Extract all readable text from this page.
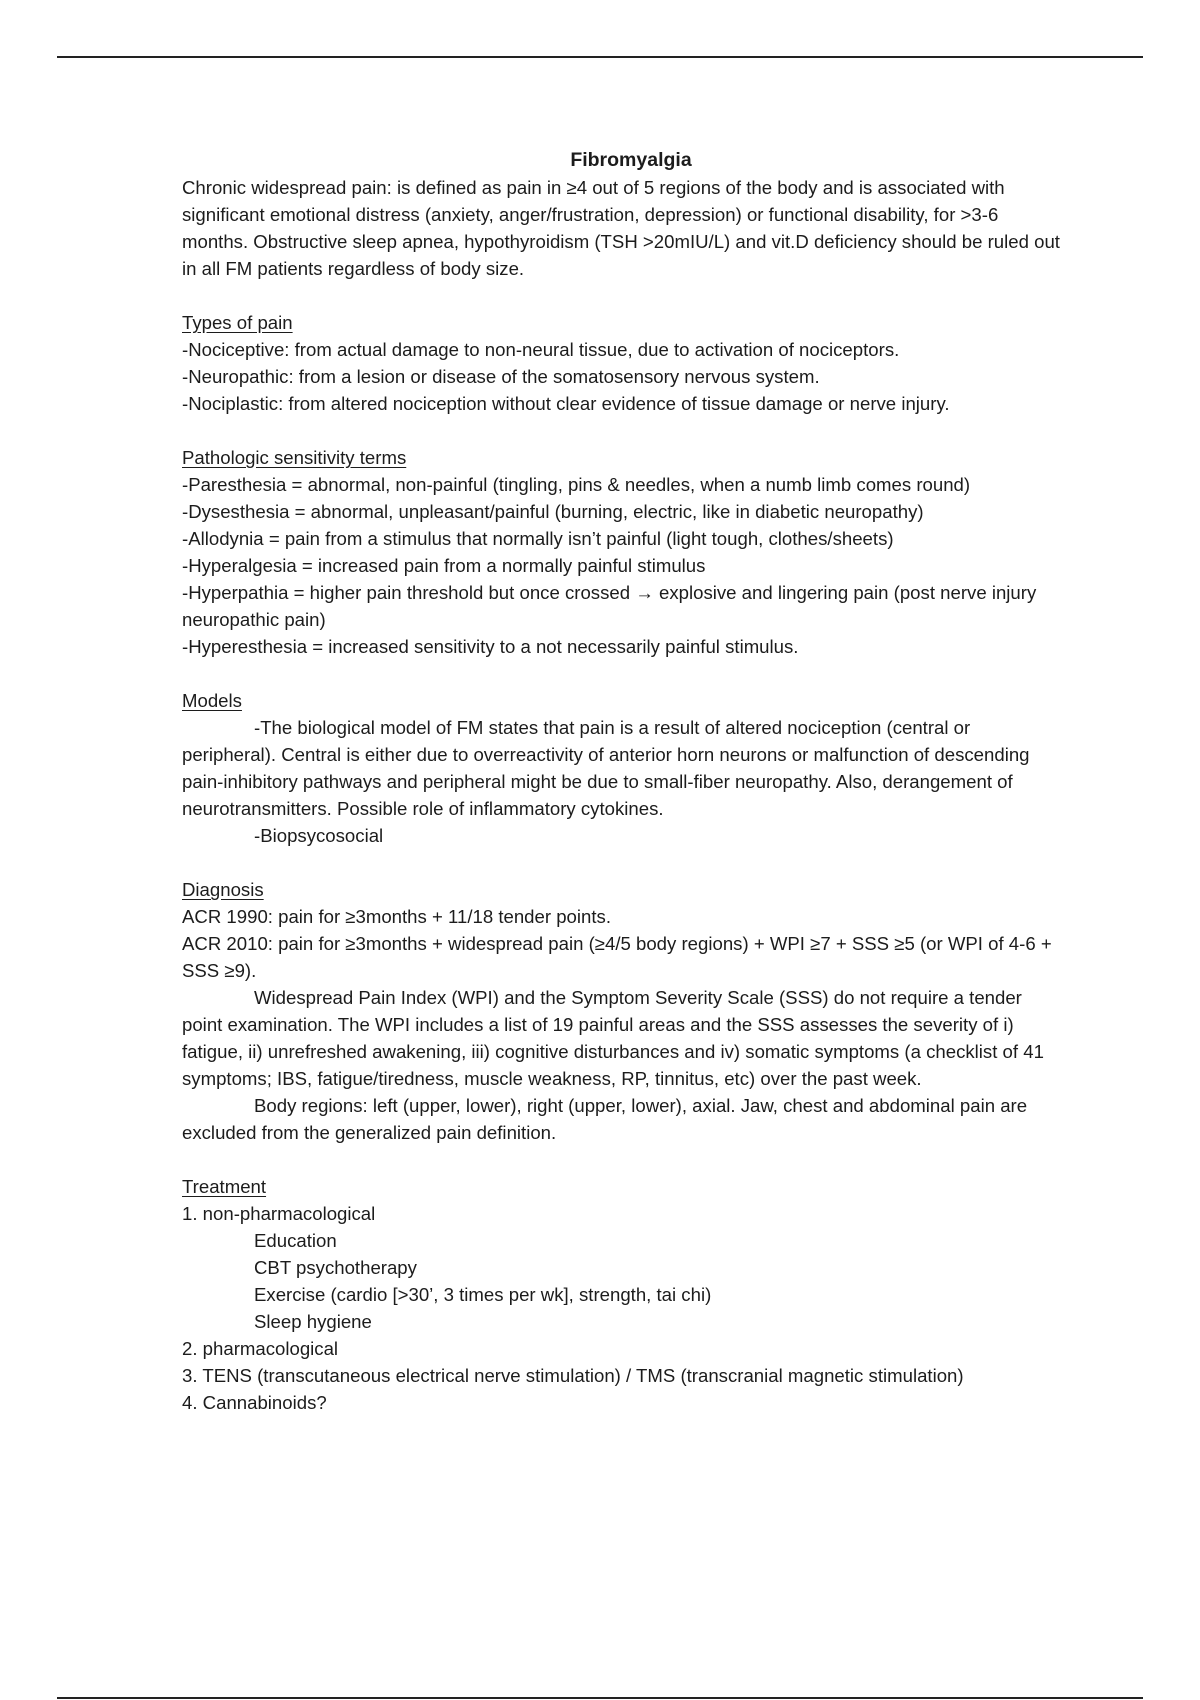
Fibromyalgia

Chronic widespread pain: is defined as pain in ≥4 out of 5 regions of the body and is associated with significant emotional distress (anxiety, anger/frustration, depression) or functional disability, for >3-6 months. Obstructive sleep apnea, hypothyroidism (TSH >20mIU/L) and vit.D deficiency should be ruled out in all FM patients regardless of body size.

Types of pain

-Nociceptive: from actual damage to non-neural tissue, due to activation of nociceptors.

-Neuropathic: from a lesion or disease of the somatosensory nervous system.

-Nociplastic: from altered nociception without clear evidence of tissue damage or nerve injury.

Pathologic sensitivity terms

-Paresthesia = abnormal, non-painful (tingling, pins & needles, when a numb limb comes round)

-Dysesthesia = abnormal, unpleasant/painful (burning, electric, like in diabetic neuropathy)

-Allodynia = pain from a stimulus that normally isn’t painful (light tough, clothes/sheets)

-Hyperalgesia = increased pain from a normally painful stimulus

-Hyperpathia = higher pain threshold but once crossed → explosive and lingering pain (post nerve injury neuropathic pain)

-Hyperesthesia = increased sensitivity to a not necessarily painful stimulus.

Models

-The biological model of FM states that pain is a result of altered nociception (central or peripheral). Central is either due to overreactivity of anterior horn neurons or malfunction of descending pain-inhibitory pathways and peripheral might be due to small-fiber neuropathy. Also, derangement of neurotransmitters. Possible role of inflammatory cytokines.

-Biopsycosocial

Diagnosis

ACR 1990: pain for ≥3months + 11/18 tender points.

ACR 2010: pain for ≥3months + widespread pain (≥4/5 body regions) + WPI ≥7 + SSS ≥5 (or WPI of 4-6 + SSS ≥9).

Widespread Pain Index (WPI) and the Symptom Severity Scale (SSS) do not require a tender point examination. The WPI includes a list of 19 painful areas and the SSS assesses the severity of i) fatigue, ii) unrefreshed awakening, iii) cognitive disturbances and iv) somatic symptoms (a checklist of 41 symptoms; IBS, fatigue/tiredness, muscle weakness, RP, tinnitus, etc) over the past week.

Body regions: left (upper, lower), right (upper, lower), axial. Jaw, chest and abdominal pain are excluded from the generalized pain definition.

Treatment

1. non-pharmacological

Education

CBT psychotherapy

Exercise (cardio [>30’, 3 times per wk], strength, tai chi)

Sleep hygiene

2. pharmacological

3. TENS (transcutaneous electrical nerve stimulation) / TMS (transcranial magnetic stimulation)

4. Cannabinoids?
